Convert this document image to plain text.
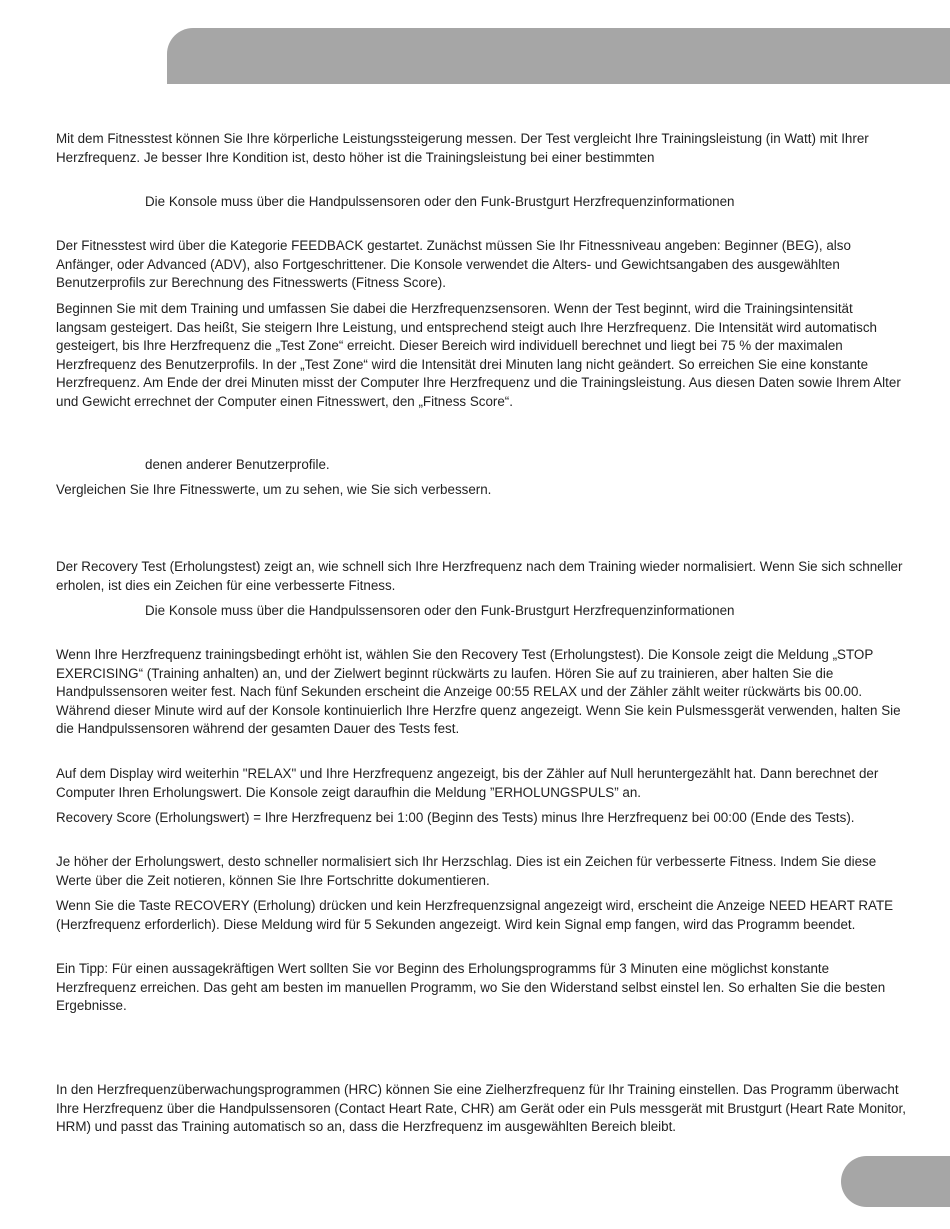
Mit dem Fitnesstest können Sie Ihre körperliche Leistungssteigerung messen. Der Test vergleicht Ihre Trainingsleistung (in Watt) mit Ihrer Herzfrequenz. Je besser Ihre Kondition ist, desto höher ist die Trainingsleistung bei einer bestimmten

Die Konsole muss über die Handpulssensoren oder den Funk-Brustgurt Herzfrequenzinformationen

Der Fitnesstest wird über die Kategorie FEEDBACK gestartet. Zunächst müssen Sie Ihr Fitnessniveau angeben: Beginner (BEG), also Anfänger, oder Advanced (ADV), also Fortgeschrittener. Die Konsole verwendet die Alters- und Gewichtsangaben des ausgewählten Benutzerprofils zur Berechnung des Fitnesswerts (Fitness Score).

Beginnen Sie mit dem Training und umfassen Sie dabei die Herzfrequenzsensoren. Wenn der Test beginnt, wird die Trainingsintensität langsam gesteigert. Das heißt, Sie steigern Ihre Leistung, und entsprechend steigt auch Ihre Herzfrequenz. Die Intensität wird automatisch gesteigert, bis Ihre Herzfrequenz die „Test Zone“ erreicht. Dieser Bereich wird individuell berechnet und liegt bei 75 % der maximalen Herzfrequenz des Benutzerprofils. In der „Test Zone“ wird die Intensität drei Minuten lang nicht geändert. So erreichen Sie eine konstante Herzfrequenz. Am Ende der drei Minuten misst der Computer Ihre Herzfrequenz und die Trainingsleistung. Aus diesen Daten sowie Ihrem Alter und Gewicht errechnet der Computer einen Fitnesswert, den „Fitness Score“.

denen anderer Benutzerprofile.

Vergleichen Sie Ihre Fitnesswerte, um zu sehen, wie Sie sich verbessern.

Der Recovery Test (Erholungstest) zeigt an, wie schnell sich Ihre Herzfrequenz nach dem Training wieder normalisiert. Wenn Sie sich schneller erholen, ist dies ein Zeichen für eine verbesserte Fitness.

Die Konsole muss über die Handpulssensoren oder den Funk-Brustgurt Herzfrequenzinformationen

Wenn Ihre Herzfrequenz trainingsbedingt erhöht ist, wählen Sie den Recovery Test (Erholungstest). Die Konsole zeigt die Meldung „STOP EXERCISING“ (Training anhalten) an, und der Zielwert beginnt rückwärts zu laufen. Hören Sie auf zu trainieren, aber halten Sie die Handpulssensoren weiter fest. Nach fünf Sekunden erscheint die Anzeige 00:55 RELAX und der Zähler zählt weiter rückwärts bis 00.00. Während dieser Minute wird auf der Konsole kontinuierlich Ihre Herzfre quenz angezeigt. Wenn Sie kein Pulsmessgerät verwenden, halten Sie die Handpulssensoren während der gesamten Dauer des Tests fest.

Auf dem Display wird weiterhin "RELAX" und Ihre Herzfrequenz angezeigt, bis der Zähler auf Null heruntergezählt hat. Dann berechnet der Computer Ihren Erholungswert. Die Konsole zeigt daraufhin die Meldung ”ERHOLUNGSPULS” an.

Recovery Score (Erholungswert) = Ihre Herzfrequenz bei 1:00 (Beginn des Tests) minus Ihre Herzfrequenz bei 00:00 (Ende des Tests).

Je höher der Erholungswert, desto schneller normalisiert sich Ihr Herzschlag. Dies ist ein Zeichen für verbesserte Fitness. Indem Sie diese Werte über die Zeit notieren, können Sie Ihre Fortschritte dokumentieren.

Wenn Sie die Taste RECOVERY (Erholung) drücken und kein Herzfrequenzsignal angezeigt wird, erscheint die Anzeige NEED HEART RATE (Herzfrequenz erforderlich). Diese Meldung wird für 5 Sekunden angezeigt. Wird kein Signal emp fangen, wird das Programm beendet.

Ein Tipp: Für einen aussagekräftigen Wert sollten Sie vor Beginn des Erholungsprogramms für 3 Minuten eine möglichst konstante Herzfrequenz erreichen. Das geht am besten im manuellen Programm, wo Sie den Widerstand selbst einstel len. So erhalten Sie die besten Ergebnisse.

In den Herzfrequenzüberwachungsprogrammen (HRC) können Sie eine Zielherzfrequenz für Ihr Training einstellen. Das Programm überwacht Ihre Herzfrequenz über die Handpulssensoren (Contact Heart Rate, CHR) am Gerät oder ein Puls messgerät mit Brustgurt (Heart Rate Monitor, HRM) und passt das Training automatisch so an, dass die Herzfrequenz im ausgewählten Bereich bleibt.
